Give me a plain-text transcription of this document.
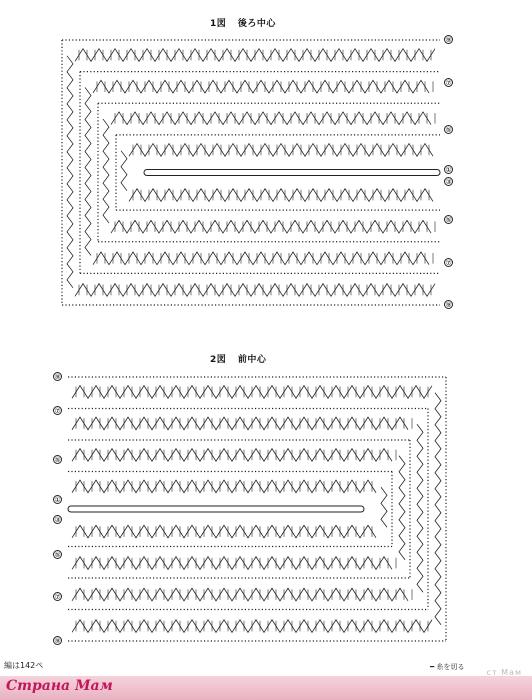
1図 後ろ中心
2図 前中心
⑨
⑦
⑤
①
③
⑤
⑦
⑨
⑨
⑦
⑤
①
③
⑤
⑦
⑨
━ 糸を切る
編は142ペ
Страна Мам
ст Мам
